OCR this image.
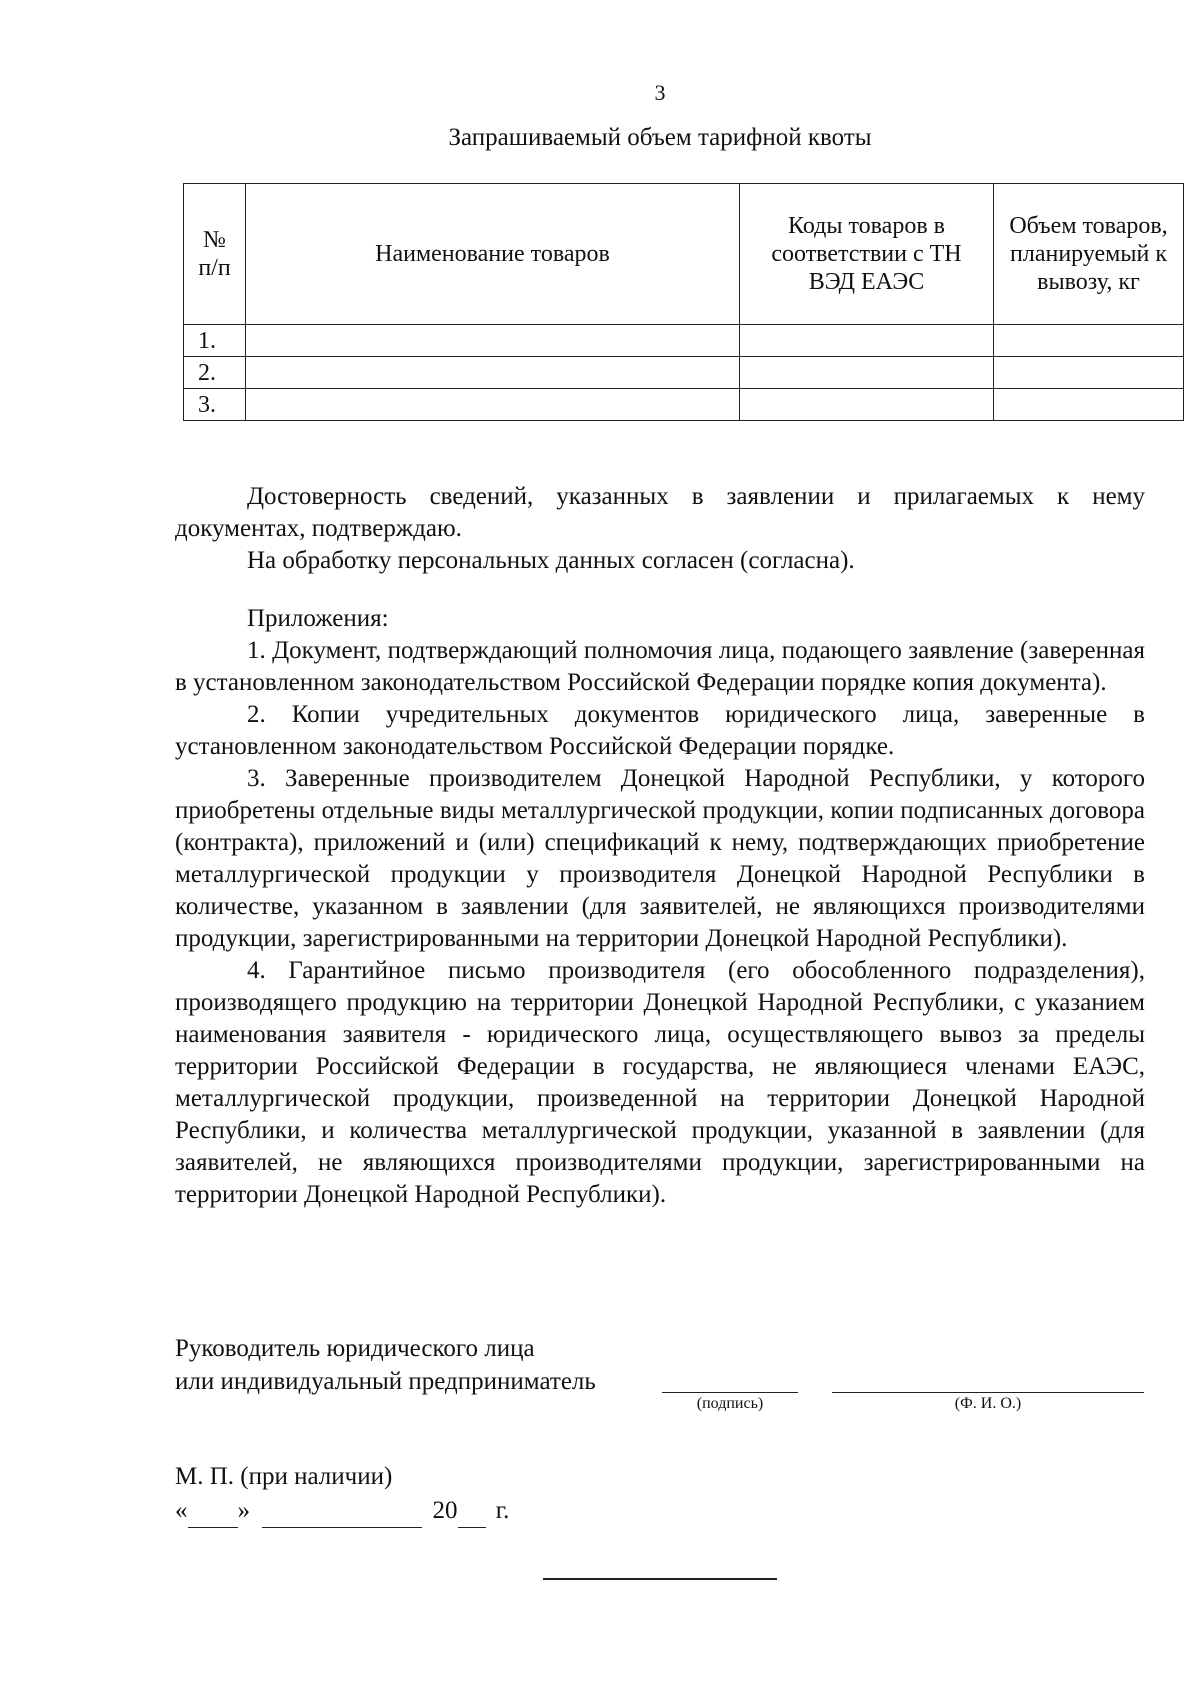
3
Запрашиваемый объем тарифной квоты
№ п/п	Наименование товаров	Коды товаров в соответствии с ТН ВЭД ЕАЭС	Объем товаров, планируемый к вывозу, кг
1.			
2.			
3.			

Достоверность сведений, указанных в заявлении и прилагаемых к нему документах, подтверждаю.

На обработку персональных данных согласен (согласна).

Приложения:

1. Документ, подтверждающий полномочия лица, подающего заявление (заверенная в установленном законодательством Российской Федерации порядке копия документа).

2. Копии учредительных документов юридического лица, заверенные в установленном законодательством Российской Федерации порядке.

3. Заверенные производителем Донецкой Народной Республики, у которого приобретены отдельные виды металлургической продукции, копии подписанных договора (контракта), приложений и (или) спецификаций к нему, подтверждающих приобретение металлургической продукции у производителя Донецкой Народной Республики в количестве, указанном в заявлении (для заявителей, не являющихся производителями продукции, зарегистрированными на территории Донецкой Народной Республики).

4. Гарантийное письмо производителя (его обособленного подразделения), производящего продукцию на территории Донецкой Народной Республики, с указанием наименования заявителя - юридического лица, осуществляющего вывоз за пределы территории Российской Федерации в государства, не являющиеся членами ЕАЭС, металлургической продукции, произведенной на территории Донецкой Народной Республики, и количества металлургической продукции, указанной в заявлении (для заявителей, не являющихся производителями продукции, зарегистрированными на территории Донецкой Народной Республики).

Руководитель юридического лица
или индивидуальный предприниматель
(подпись)	(Ф. И. О.)
М. П. (при наличии)
« »	20 г.
